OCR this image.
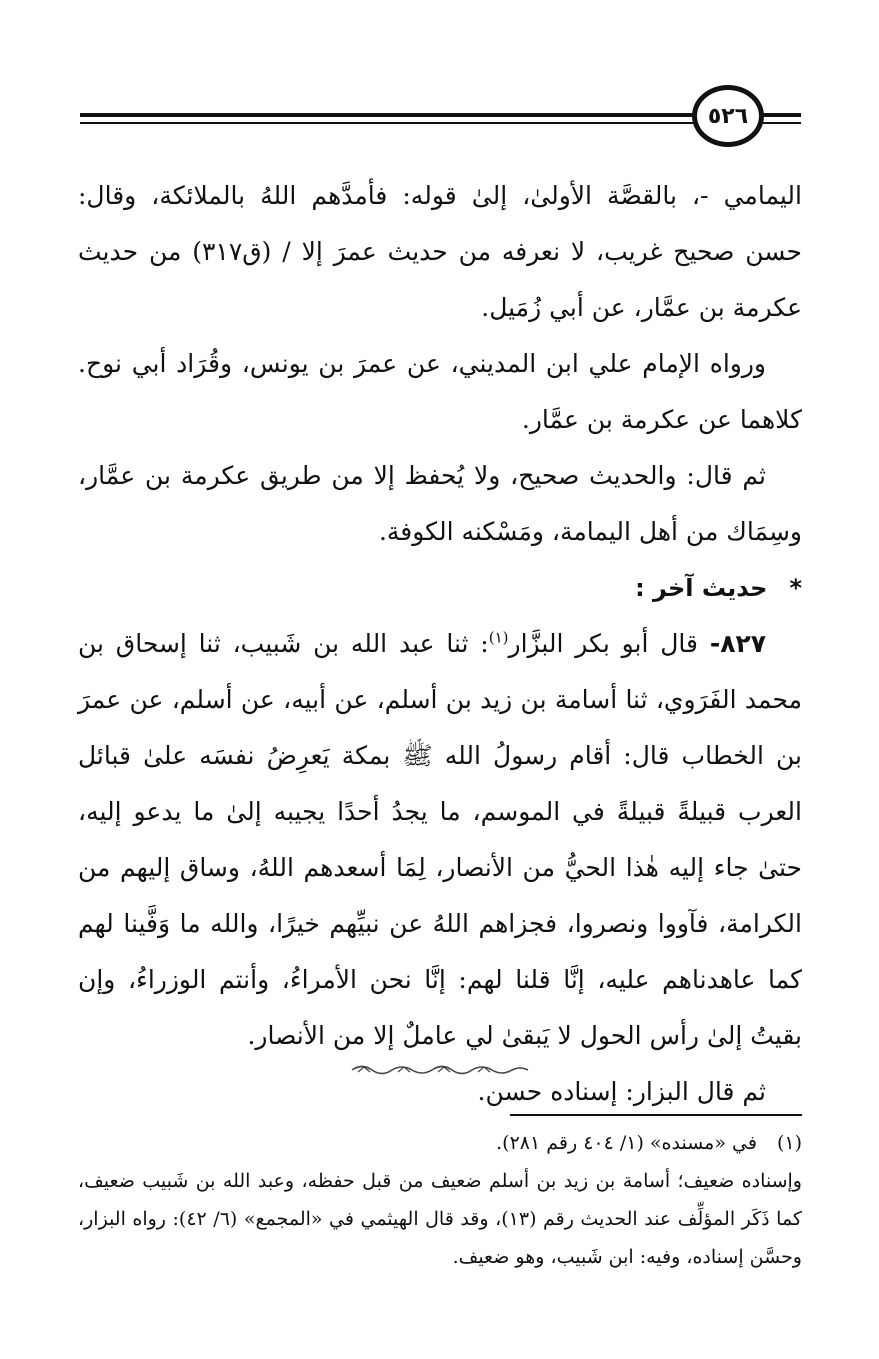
٥٢٦

اليمامي -، بالقصَّة الأولىٰ، إلىٰ قوله: فأمدَّهم اللهُ بالملائكة، وقال: حسن صحيح غريب، لا نعرفه من حديث عمرَ إلا / (ق٣١٧) من حديث عكرمة بن عمَّار، عن أبي زُمَيل.

ورواه الإمام علي ابن المديني، عن عمرَ بن يونس، وقُرَاد أبي نوح. كلاهما عن عكرمة بن عمَّار.

ثم قال: والحديث صحيح، ولا يُحفظ إلا من طريق عكرمة بن عمَّار، وسِمَاك من أهل اليمامة، ومَسْكنه الكوفة.

*حديث آخر :

٨٢٧- قال أبو بكر البزَّار$^{(١)}$: ثنا عبد الله بن شَبيب، ثنا إسحاق بن محمد الفَرَوي، ثنا أسامة بن زيد بن أسلم، عن أبيه، عن أسلم، عن عمرَ بن الخطاب قال: أقام رسولُ الله ﷺ بمكة يَعرِضُ نفسَه علىٰ قبائل العرب قبيلةً قبيلةً في الموسم، ما يجدُ أحدًا يجيبه إلىٰ ما يدعو إليه، حتىٰ جاء إليه هٰذا الحيُّ من الأنصار، لِمَا أسعدهم اللهُ، وساق إليهم من الكرامة، فآووا ونصروا، فجزاهم اللهُ عن نبيِّهم خيرًا، والله ما وَفَّينا لهم كما عاهدناهم عليه، إنَّا قلنا لهم: إنَّا نحن الأمراءُ، وأنتم الوزراءُ، وإن بقيتُ إلىٰ رأس الحول لا يَبقىٰ لي عاملٌ إلا من الأنصار.

ثم قال البزار: إسناده حسن.

(١)في «مسنده» (١/ ٤٠٤ رقم ٢٨١).

وإسناده ضعيف؛ أسامة بن زيد بن أسلم ضعيف من قبل حفظه، وعبد الله بن شَبيب ضعيف، كما ذَكَر المؤلِّف عند الحديث رقم (١٣)، وقد قال الهيثمي في «المجمع» (٦/ ٤٢): رواه البزار، وحسَّن إسناده، وفيه: ابن شَبيب، وهو ضعيف.
